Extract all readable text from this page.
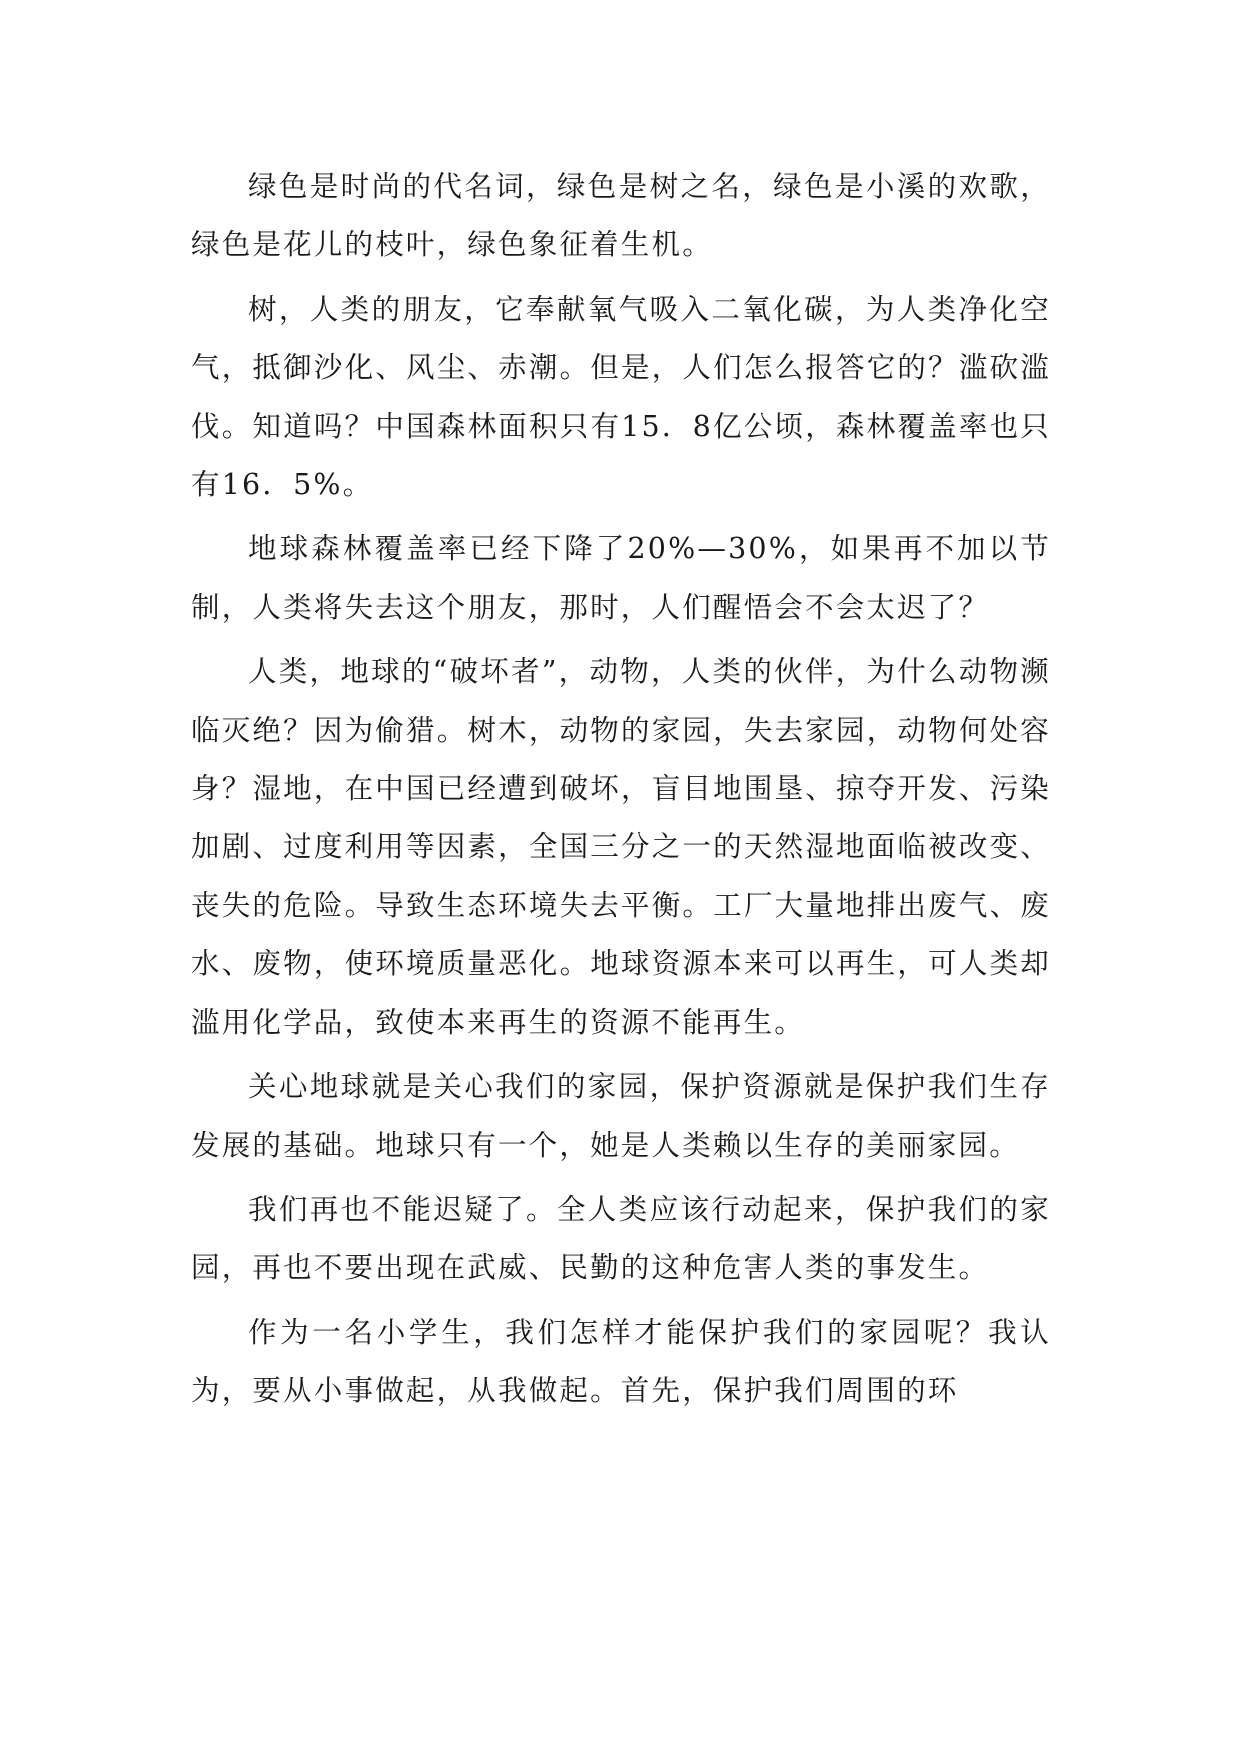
绿色是时尚的代名词，绿色是树之名，绿色是小溪的欢歌，绿色是花儿的枝叶，绿色象征着生机。

树，人类的朋友，它奉献氧气吸入二氧化碳，为人类净化空气，抵御沙化、风尘、赤潮。但是，人们怎么报答它的？滥砍滥伐。知道吗？中国森林面积只有15．8亿公顷，森林覆盖率也只有16．5%。

地球森林覆盖率已经下降了20%—30%，如果再不加以节制，人类将失去这个朋友，那时，人们醒悟会不会太迟了？

人类，地球的“破坏者”，动物，人类的伙伴，为什么动物濒临灭绝？因为偷猎。树木，动物的家园，失去家园，动物何处容身？湿地，在中国已经遭到破坏，盲目地围垦、掠夺开发、污染加剧、过度利用等因素，全国三分之一的天然湿地面临被改变、丧失的危险。导致生态环境失去平衡。工厂大量地排出废气、废水、废物，使环境质量恶化。地球资源本来可以再生，可人类却滥用化学品，致使本来再生的资源不能再生。

关心地球就是关心我们的家园，保护资源就是保护我们生存发展的基础。地球只有一个，她是人类赖以生存的美丽家园。

我们再也不能迟疑了。全人类应该行动起来，保护我们的家园，再也不要出现在武威、民勤的这种危害人类的事发生。

作为一名小学生，我们怎样才能保护我们的家园呢？我认为，要从小事做起，从我做起。首先，保护我们周围的环
